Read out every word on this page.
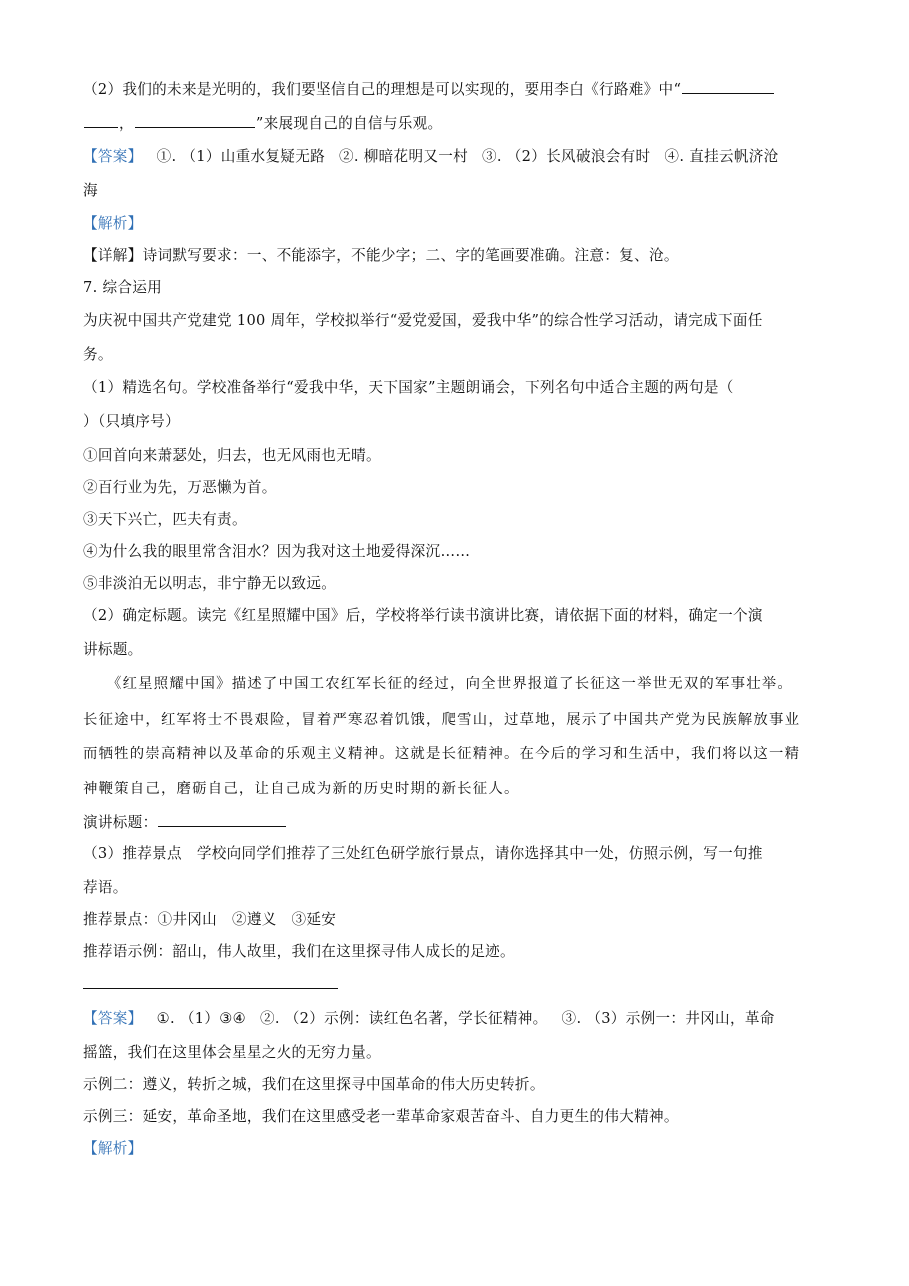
（2）我们的未来是光明的，我们要坚信自己的理想是可以实现的，要用李白《行路难》中“
，	”来展现自己的自信与乐观。
【答案】 ①. （1）山重水复疑无路 ②. 柳暗花明又一村 ③. （2）长风破浪会有时 ④. 直挂云帆济沧
海
【解析】
【详解】诗词默写要求：一、不能添字，不能少字；二、字的笔画要准确。注意：复、沧。
7. 综合运用
为庆祝中国共产党建党 100 周年，学校拟举行“爱党爱国，爱我中华”的综合性学习活动，请完成下面任
务。
（1）精选名句。学校准备举行“爱我中华，天下国家”主题朗诵会，下列名句中适合主题的两句是（
）（只填序号）
①回首向来萧瑟处，归去，也无风雨也无晴。
②百行业为先，万恶懒为首。
③天下兴亡，匹夫有责。
④为什么我的眼里常含泪水？因为我对这土地爱得深沉……
⑤非淡泊无以明志，非宁静无以致远。
（2）确定标题。读完《红星照耀中国》后，学校将举行读书演讲比赛，请依据下面的材料，确定一个演
讲标题。
　　《红星照耀中国》描述了中国工农红军长征的经过，向全世界报道了长征这一举世无双的军事壮举。
长征途中，红军将士不畏艰险，冒着严寒忍着饥饿，爬雪山，过草地，展示了中国共产党为民族解放事业
而牺牲的崇高精神以及革命的乐观主义精神。这就是长征精神。在今后的学习和生活中，我们将以这一精
神鞭策自己，磨砺自己，让自己成为新的历史时期的新长征人。
演讲标题：
（3）推荐景点　学校向同学们推荐了三处红色研学旅行景点，请你选择其中一处，仿照示例，写一句推
荐语。
推荐景点：①井冈山　②遵义　③延安
推荐语示例：韶山，伟人故里，我们在这里探寻伟人成长的足迹。
【答案】 ①. （1）③④ ②. （2）示例：读红色名著，学长征精神。 ③. （3）示例一：井冈山，革命
摇篮，我们在这里体会星星之火的无穷力量。
示例二：遵义，转折之城，我们在这里探寻中国革命的伟大历史转折。
示例三：延安，革命圣地，我们在这里感受老一辈革命家艰苦奋斗、自力更生的伟大精神。
【解析】
